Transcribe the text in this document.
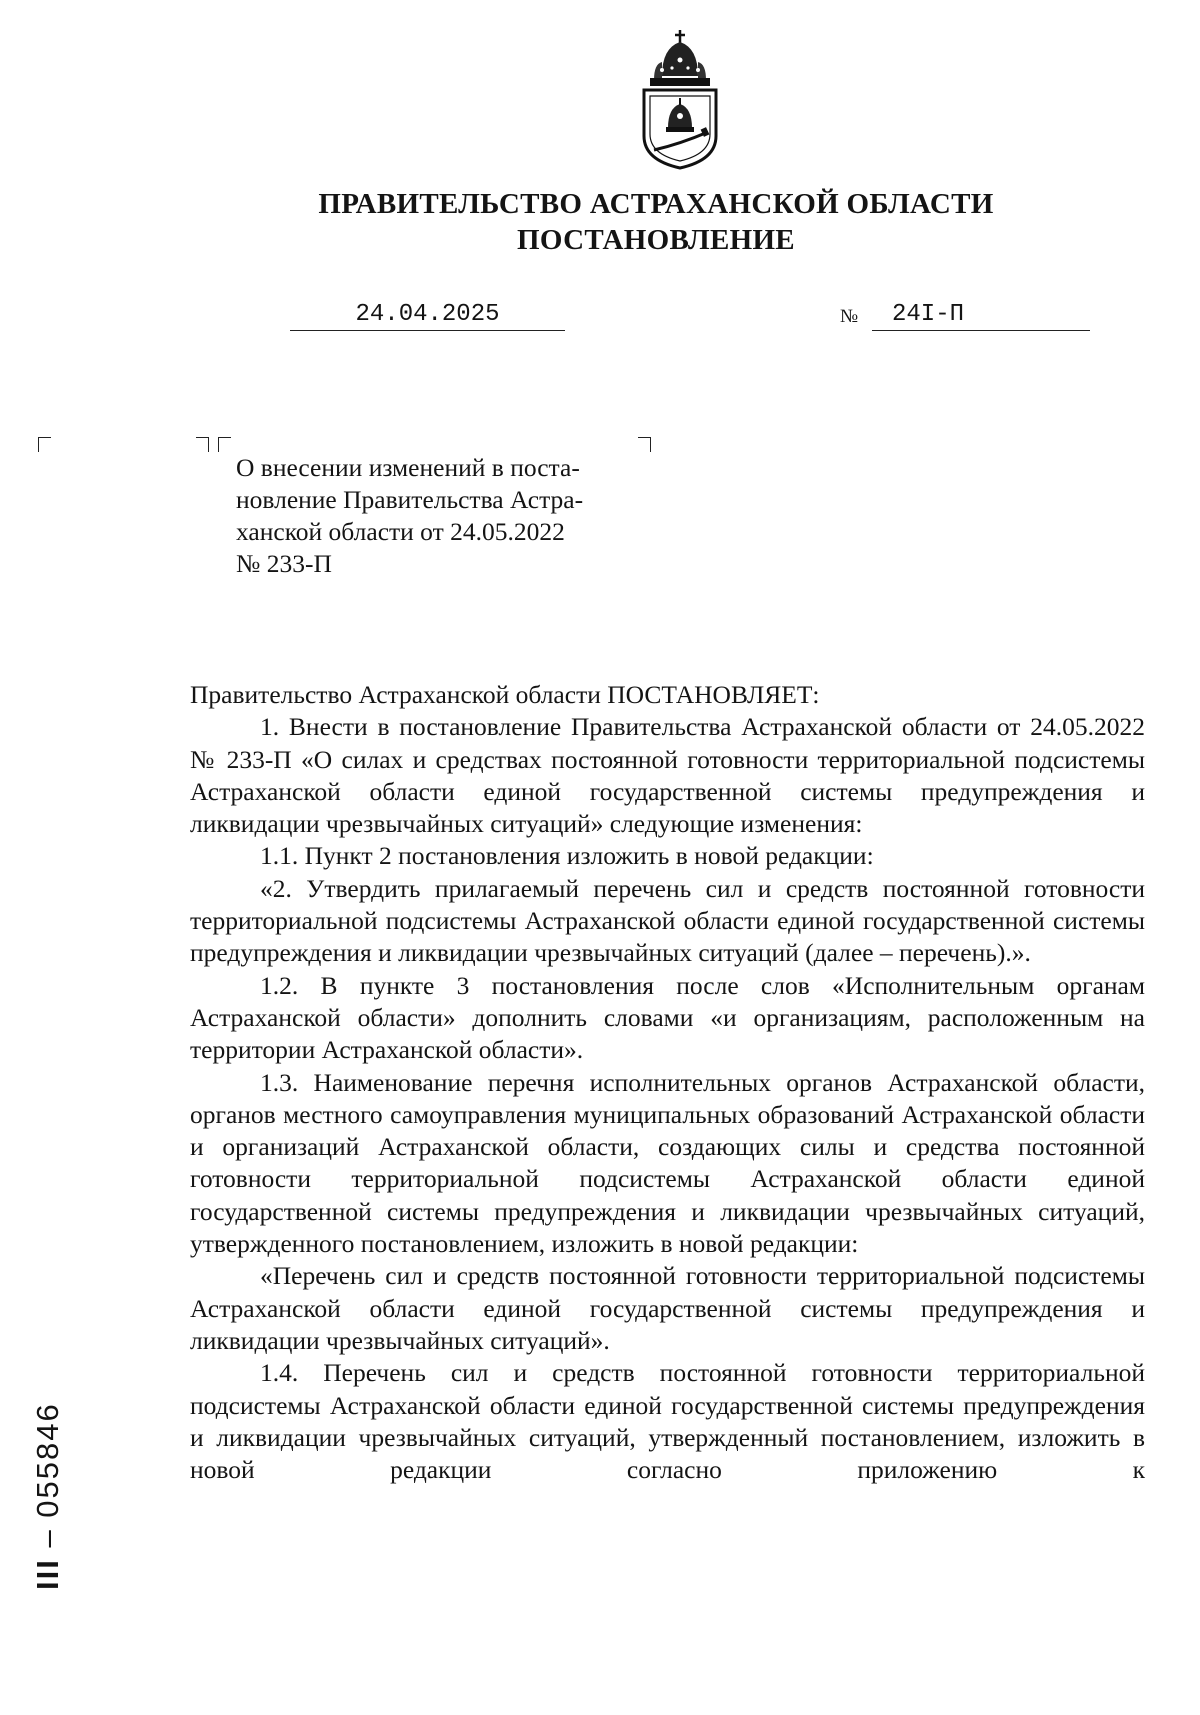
ПРАВИТЕЛЬСТВО АСТРАХАНСКОЙ ОБЛАСТИ
ПОСТАНОВЛЕНИЕ
24.04.2025	№	24I-П

О внесении изменений в поста-

новление Правительства Астра-

ханской области от 24.05.2022

№ 233-П

Правительство Астраханской области ПОСТАНОВЛЯЕТ:

1. Внести в постановление Правительства Астраханской области от 24.05.2022 № 233-П «О силах и средствах постоянной готовности территориальной подсистемы Астраханской области единой государственной системы предупреждения и ликвидации чрезвычайных ситуаций» следующие изменения:

1.1. Пункт 2 постановления изложить в новой редакции:

«2. Утвердить прилагаемый перечень сил и средств постоянной готовности территориальной подсистемы Астраханской области единой государственной системы предупреждения и ликвидации чрезвычайных ситуаций (далее – перечень).».

1.2. В пункте 3 постановления после слов «Исполнительным органам Астраханской области» дополнить словами «и организациям, расположенным на территории Астраханской области».

1.3. Наименование перечня исполнительных органов Астраханской области, органов местного самоуправления муниципальных образований Астраханской области и организаций Астраханской области, создающих силы и средства постоянной готовности территориальной подсистемы Астраханской области единой государственной системы предупреждения и ликвидации чрезвычайных ситуаций, утвержденного постановлением, изложить в новой редакции:

«Перечень сил и средств постоянной готовности территориальной подсистемы Астраханской области единой государственной системы предупреждения и ликвидации чрезвычайных ситуаций».

1.4. Перечень сил и средств постоянной готовности территориальной подсистемы Астраханской области единой государственной системы предупреждения и ликвидации чрезвычайных ситуаций, утвержденный постановлением, изложить в новой редакции согласно приложению к

III – 055846
